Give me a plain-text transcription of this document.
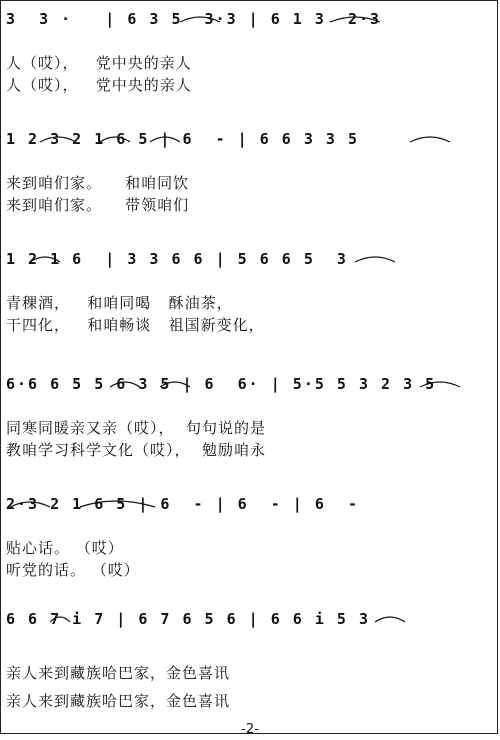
3  3 ·   | 6 3 5  3·3 | 6 1 3  2·3
人（哎），   党中央的亲人
人（哎），   党中央的亲人
1 2 3 2 1 6 5 | 6  - | 6 6 3 3 5
来到咱们家。    和咱同饮
来到咱们家。    带领咱们
1 2 1 6  | 3 3 6 6 | 5 6 6 5  3
青稞酒，   和咱同喝   酥油茶，
干四化，   和咱畅谈   祖国新变化，
6·6 6 5 5 6 3 5 | 6  6· | 5·5 5 3 2 3 5
同寒同暖亲又亲（哎），  句句说的是
教咱学习科学文化（哎），  勉励咱永
2·3 2 1 6 5 | 6  - | 6  - | 6  -
贴心话。 （哎）
听党的话。 （哎）
6 6 7 i 7 | 6 7 6 5 6 | 6 6 i 5 3
亲人来到藏族哈巴家，金色喜讯
亲人来到藏族哈巴家，金色喜讯
-2-
